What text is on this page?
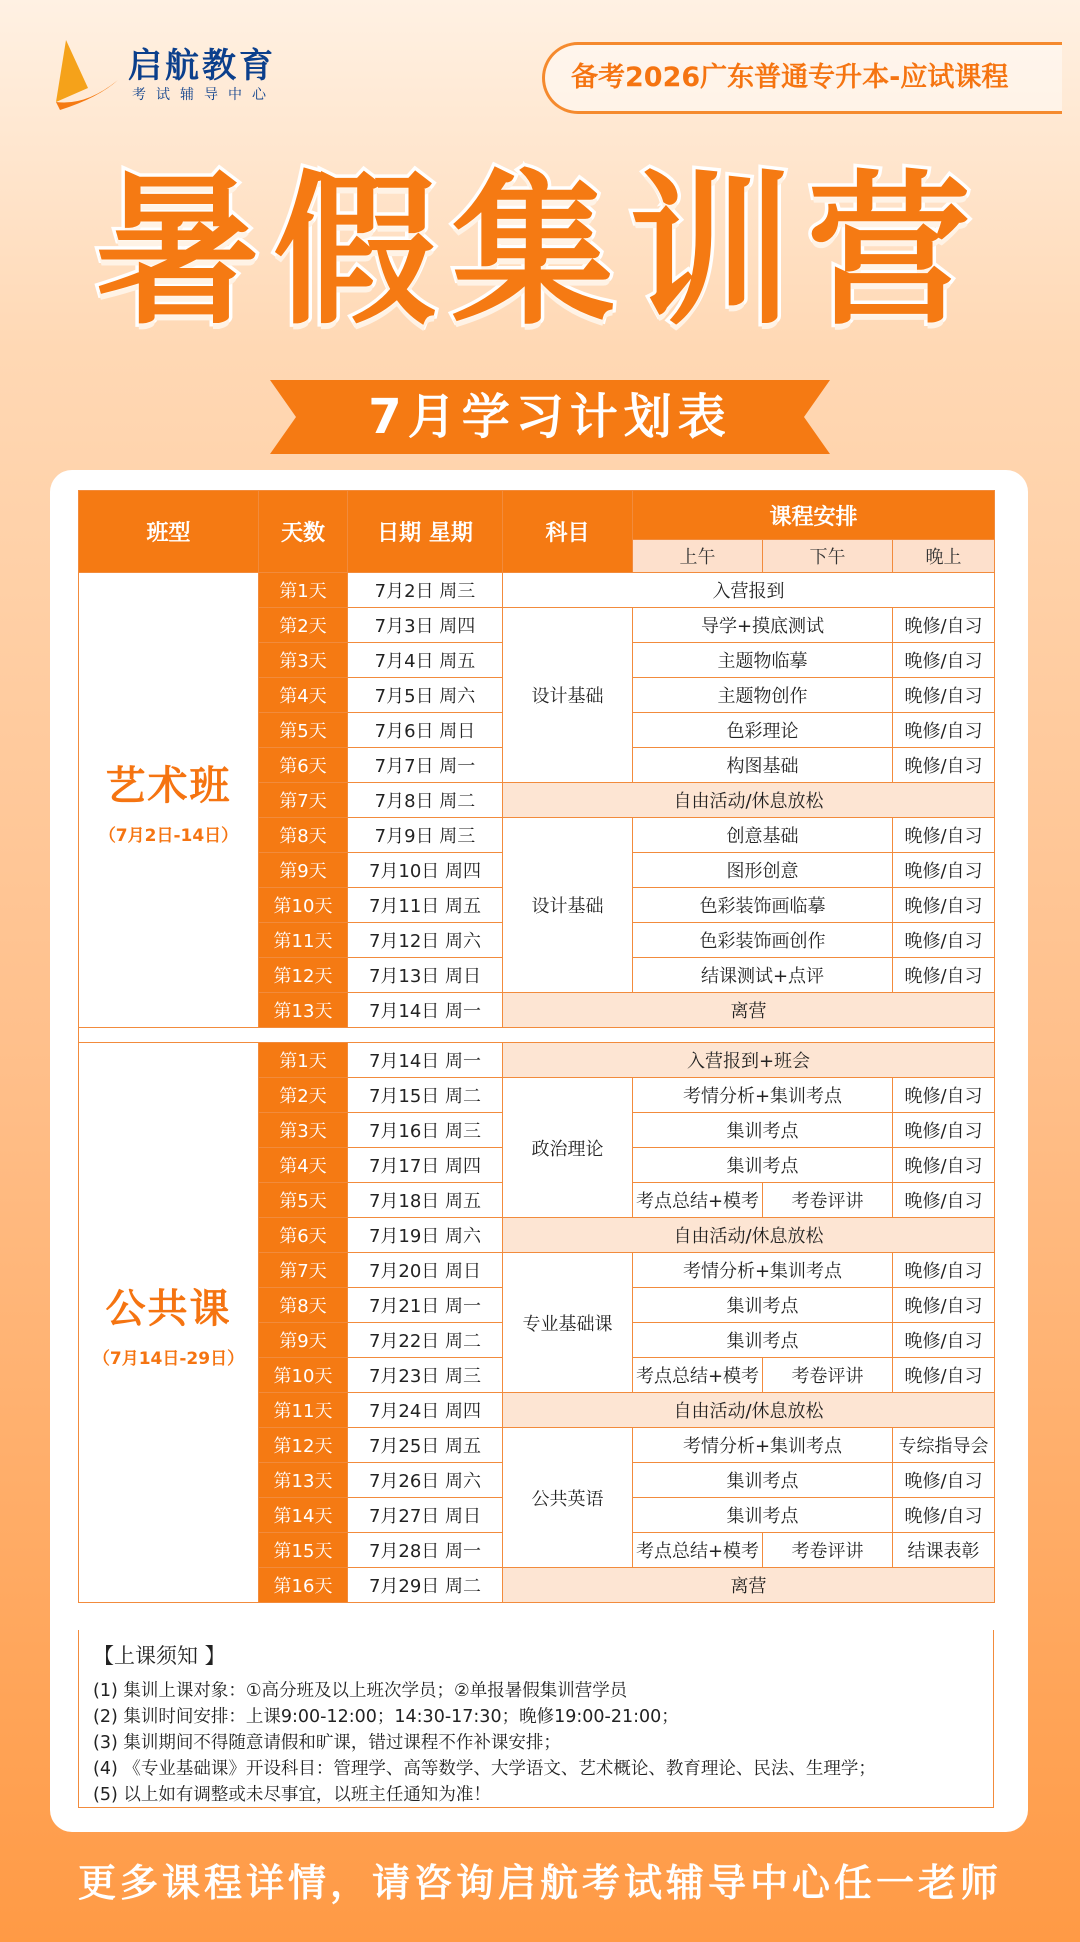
启航教育
考试辅导中心
备考2026广东普通专升本-应试课程
暑假集训营
7月学习计划表
班型	天数	日期 星期	科目	课程安排		
				上午	下午	晚上

艺术班
（7月2日-14日）	第1天	7月2日 周三	入营报到			
	第2天	7月3日 周四	设计基础	导学+摸底测试		晚修/自习
	第3天	7月4日 周五		主题物临摹		晚修/自习
	第4天	7月5日 周六		主题物创作		晚修/自习
	第5天	7月6日 周日		色彩理论		晚修/自习
	第6天	7月7日 周一		构图基础		晚修/自习
	第7天	7月8日 周二	自由活动/休息放松			
	第8天	7月9日 周三	设计基础	创意基础		晚修/自习
	第9天	7月10日 周四		图形创意		晚修/自习
	第10天	7月11日 周五		色彩装饰画临摹		晚修/自习
	第11天	7月12日 周六		色彩装饰画创作		晚修/自习
	第12天	7月13日 周日		结课测试+点评		晚修/自习
	第13天	7月14日 周一	离营			

公共课
（7月14日-29日）	第1天	7月14日 周一	入营报到+班会			
	第2天	7月15日 周二	政治理论	考情分析+集训考点		晚修/自习
	第3天	7月16日 周三		集训考点		晚修/自习
	第4天	7月17日 周四		集训考点		晚修/自习
	第5天	7月18日 周五		考点总结+模考	考卷评讲	晚修/自习
	第6天	7月19日 周六	自由活动/休息放松			
	第7天	7月20日 周日	专业基础课	考情分析+集训考点		晚修/自习
	第8天	7月21日 周一		集训考点		晚修/自习
	第9天	7月22日 周二		集训考点		晚修/自习
	第10天	7月23日 周三		考点总结+模考	考卷评讲	晚修/自习
	第11天	7月24日 周四	自由活动/休息放松			
	第12天	7月25日 周五	公共英语	考情分析+集训考点		专综指导会
	第13天	7月26日 周六		集训考点		晚修/自习
	第14天	7月27日 周日		集训考点		晚修/自习
	第15天	7月28日 周一		考点总结+模考	考卷评讲	结课表彰
	第16天	7月29日 周二	离营			
【上课须知 】
(1) 集训上课对象：①高分班及以上班次学员；②单报暑假集训营学员
(2) 集训时间安排：上课9:00-12:00；14:30-17:30；晚修19:00-21:00；
(3) 集训期间不得随意请假和旷课，错过课程不作补课安排；
(4) 《专业基础课》开设科目：管理学、高等数学、大学语文、艺术概论、教育理论、民法、生理学；
(5) 以上如有调整或未尽事宜，以班主任通知为准！
更多课程详情，请咨询启航考试辅导中心任一老师
